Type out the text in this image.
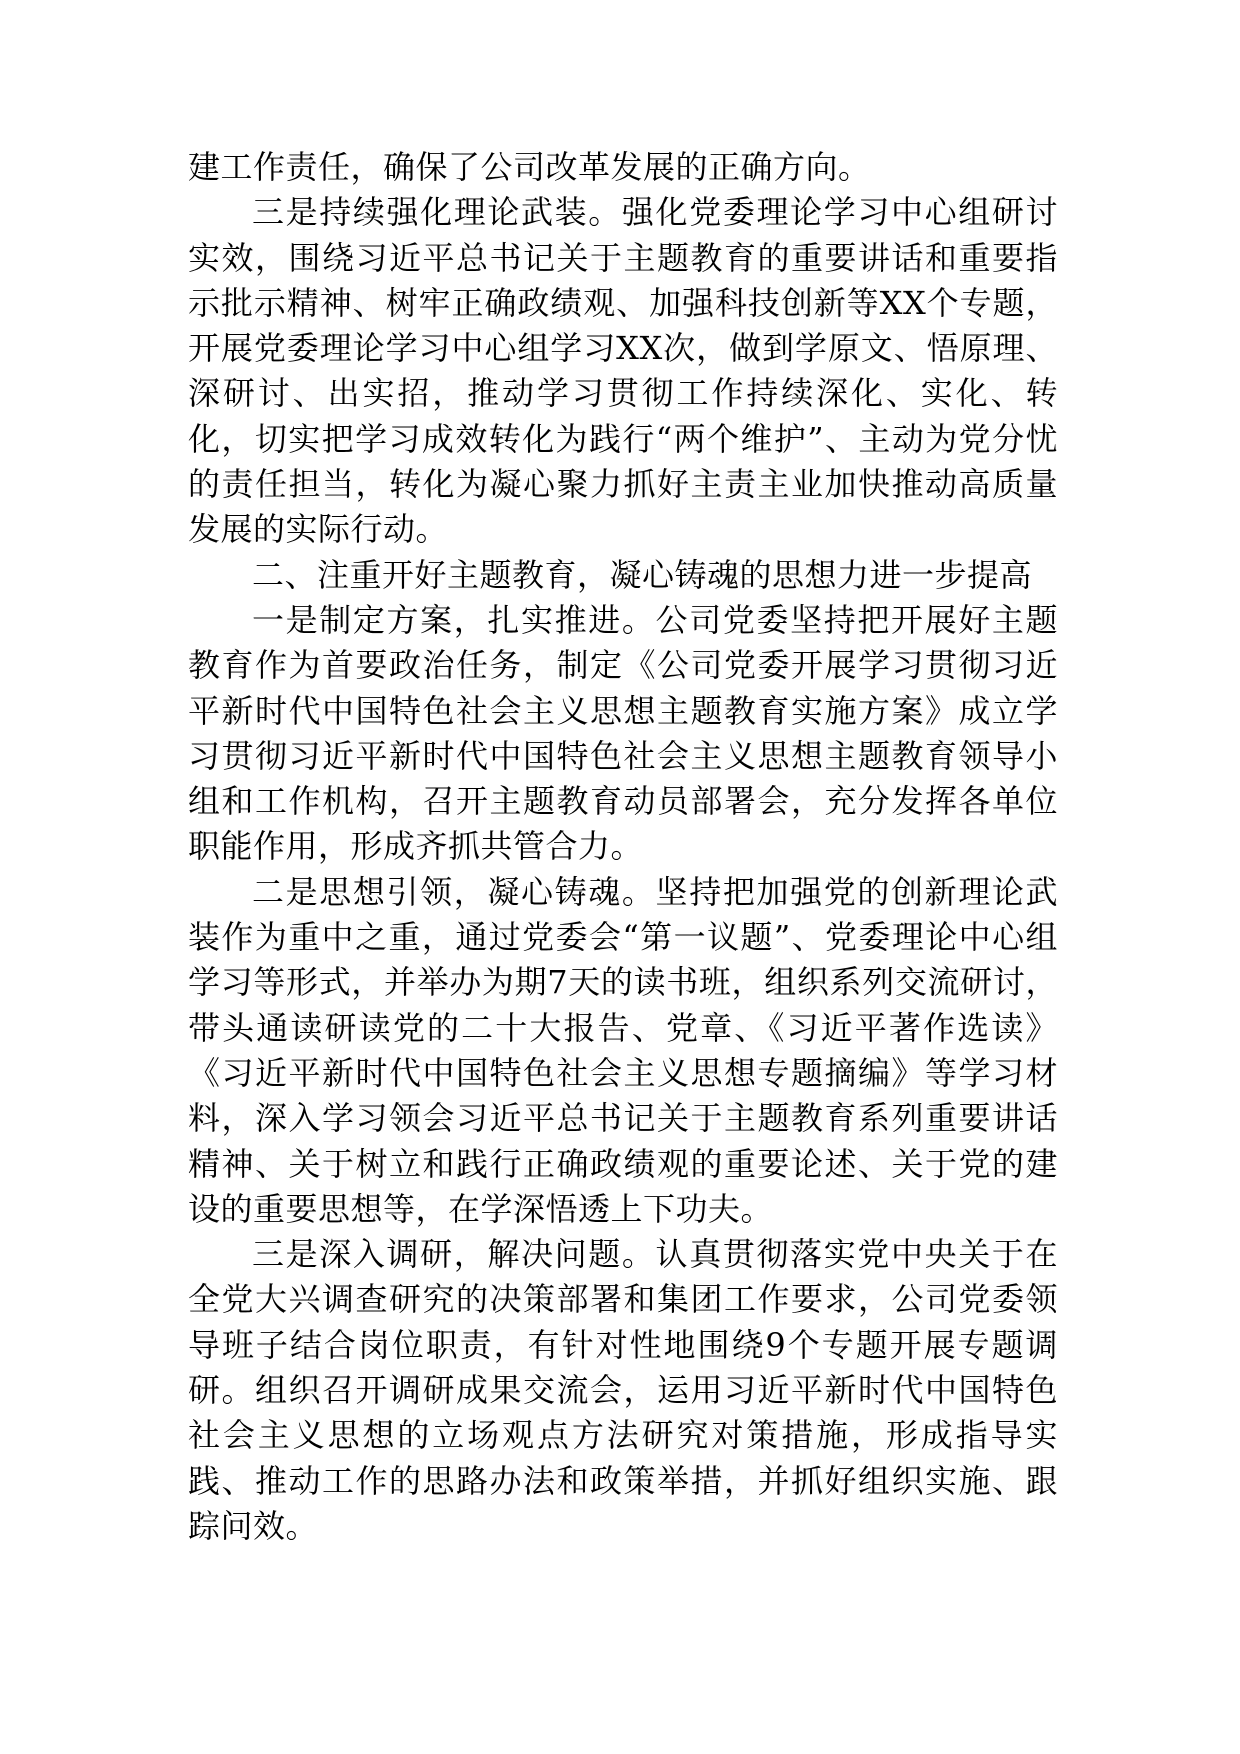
建工作责任，确保了公司改革发展的正确方向。

三是持续强化理论武装。强化党委理论学习中心组研讨实效，围绕习近平总书记关于主题教育的重要讲话和重要指示批示精神、树牢正确政绩观、加强科技创新等XX个专题，开展党委理论学习中心组学习XX次，做到学原文、悟原理、深研讨、出实招，推动学习贯彻工作持续深化、实化、转化，切实把学习成效转化为践行“两个维护”、主动为党分忧的责任担当，转化为凝心聚力抓好主责主业加快推动高质量发展的实际行动。

二、注重开好主题教育，凝心铸魂的思想力进一步提高

一是制定方案，扎实推进。公司党委坚持把开展好主题教育作为首要政治任务，制定《公司党委开展学习贯彻习近平新时代中国特色社会主义思想主题教育实施方案》成立学习贯彻习近平新时代中国特色社会主义思想主题教育领导小组和工作机构，召开主题教育动员部署会，充分发挥各单位职能作用，形成齐抓共管合力。

二是思想引领，凝心铸魂。坚持把加强党的创新理论武装作为重中之重，通过党委会“第一议题”、党委理论中心组学习等形式，并举办为期7天的读书班，组织系列交流研讨，带头通读研读党的二十大报告、党章、《习近平著作选读》《习近平新时代中国特色社会主义思想专题摘编》等学习材料，深入学习领会习近平总书记关于主题教育系列重要讲话精神、关于树立和践行正确政绩观的重要论述、关于党的建设的重要思想等，在学深悟透上下功夫。

三是深入调研，解决问题。认真贯彻落实党中央关于在全党大兴调查研究的决策部署和集团工作要求，公司党委领导班子结合岗位职责，有针对性地围绕9个专题开展专题调研。组织召开调研成果交流会，运用习近平新时代中国特色社会主义思想的立场观点方法研究对策措施，形成指导实践、推动工作的思路办法和政策举措，并抓好组织实施、跟踪问效。
